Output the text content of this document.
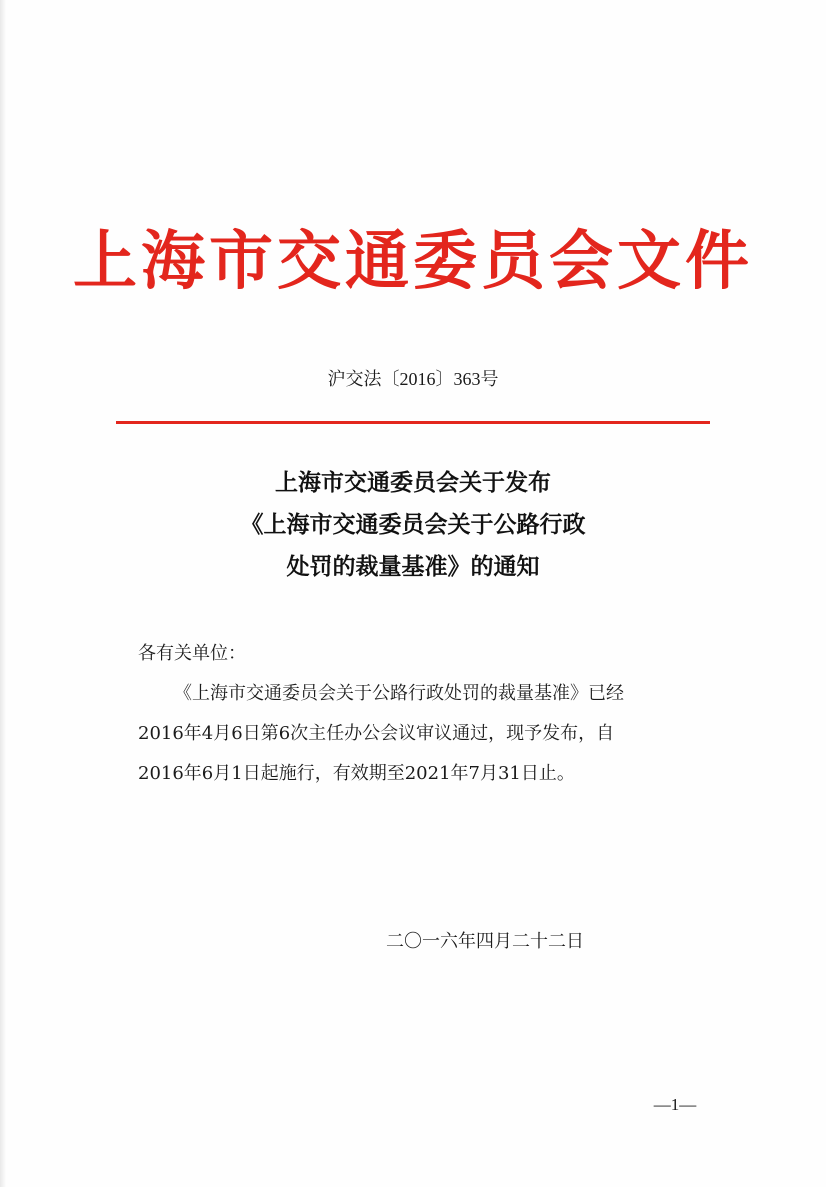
上海市交通委员会文件
沪交法〔2016〕363号
上海市交通委员会关于发布
《上海市交通委员会关于公路行政
处罚的裁量基准》的通知
各有关单位：
《上海市交通委员会关于公路行政处罚的裁量基准》已经
2016年4月6日第6次主任办公会议审议通过，现予发布，自
2016年6月1日起施行，有效期至2021年7月31日止。
二〇一六年四月二十二日
—1—
